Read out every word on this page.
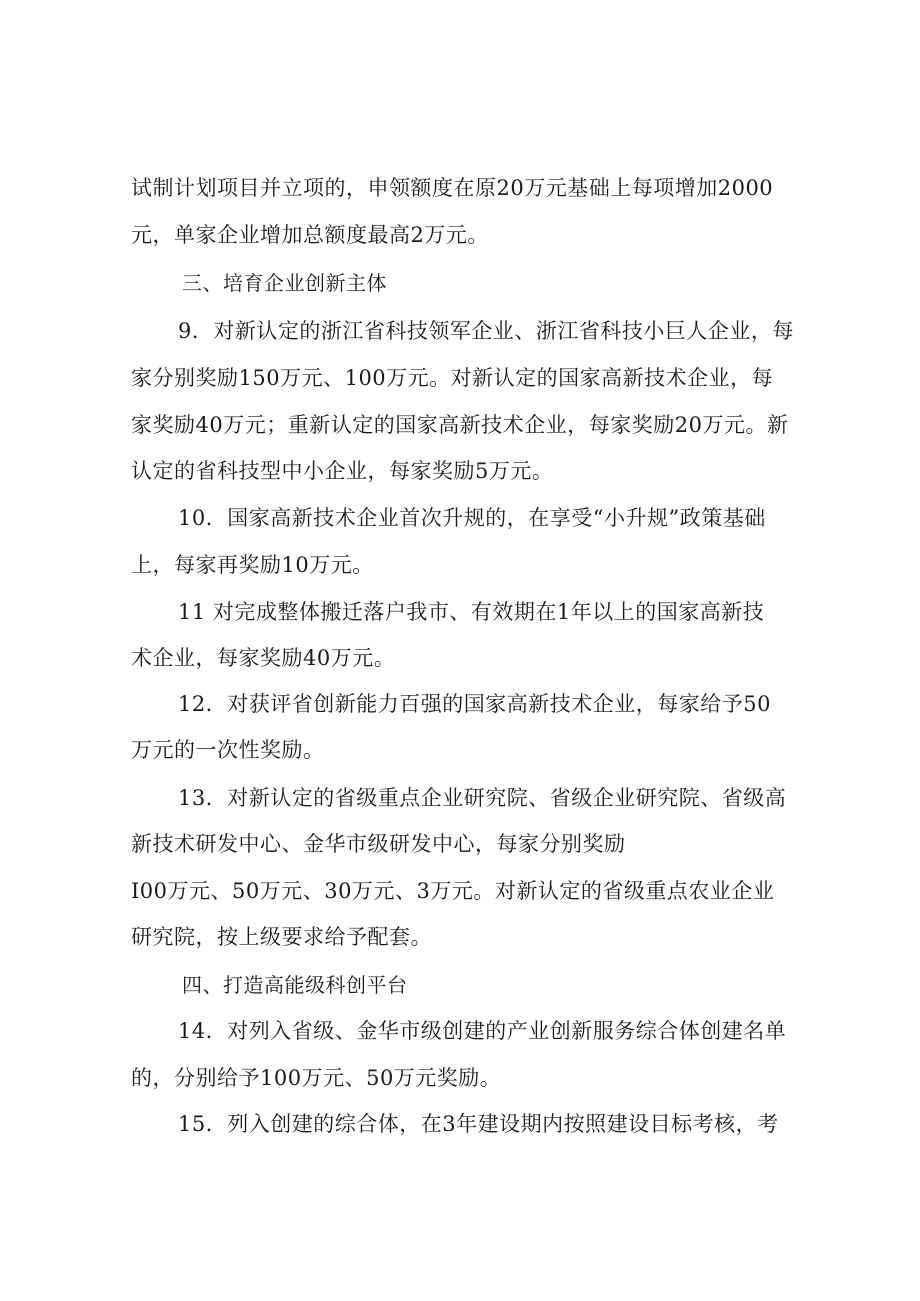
试制计划项目并立项的，申领额度在原20万元基础上每项增加2000
元，单家企业增加总额度最高2万元。
三、培育企业创新主体
9．对新认定的浙江省科技领军企业、浙江省科技小巨人企业，每
家分别奖励150万元、100万元。对新认定的国家高新技术企业，每
家奖励40万元；重新认定的国家高新技术企业，每家奖励20万元。新
认定的省科技型中小企业，每家奖励5万元。
10．国家高新技术企业首次升规的，在享受“小升规”政策基础
上，每家再奖励10万元。
11 对完成整体搬迁落户我市、有效期在1年以上的国家高新技
术企业，每家奖励40万元。
12．对获评省创新能力百强的国家高新技术企业，每家给予50
万元的一次性奖励。
13．对新认定的省级重点企业研究院、省级企业研究院、省级高
新技术研发中心、金华市级研发中心，每家分别奖励
I00万元、50万元、30万元、3万元。对新认定的省级重点农业企业
研究院，按上级要求给予配套。
四、打造高能级科创平台
14．对列入省级、金华市级创建的产业创新服务综合体创建名单
的，分别给予100万元、50万元奖励。
15．列入创建的综合体，在3年建设期内按照建设目标考核，考
